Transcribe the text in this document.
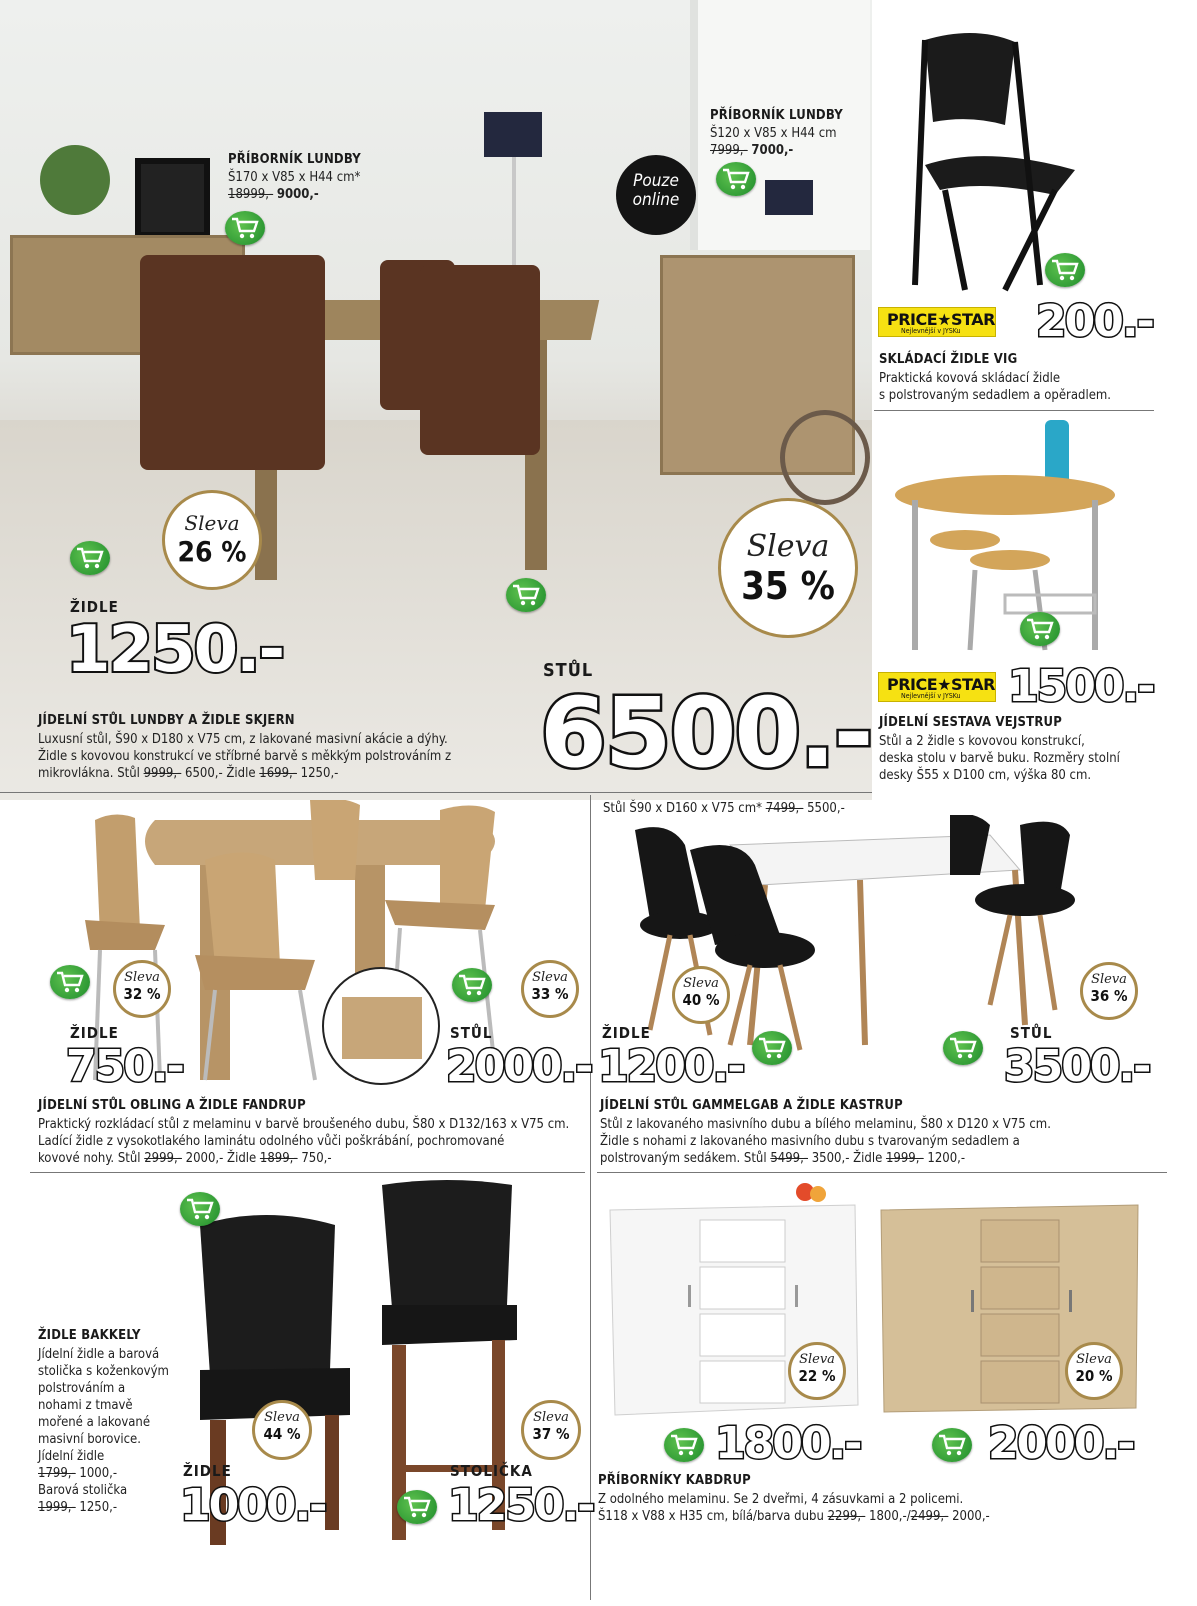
PŘÍBORNÍK LUNDBY
Š170 x V85 x H44 cm*
18999,- 9000,-
PŘÍBORNÍK LUNDBY
Š120 x V85 x H44 cm
7999,- 7000,-
Pouze
online
Sleva
26 %	Sleva
35 %
ŽIDLE
1250.-	STŮL
6500.-
JÍDELNÍ STŮL LUNDBY A ŽIDLE SKJERN
Luxusní stůl, Š90 x D180 x V75 cm, z lakované masivní akácie a dýhy.
Židle s kovovou konstrukcí ve stříbrné barvě s měkkým polstrováním z
mikrovlákna. Stůl 9999,- 6500,- Židle 1699,- 1250,-
PRICE★STAR
Nejlevnější v JYSKu 200.-
SKLÁDACÍ ŽIDLE VIG
Praktická kovová skládací židle
s polstrovaným sedadlem a opěradlem.
PRICE★STAR
Nejlevnější v JYSKu 1500.-
JÍDELNÍ SESTAVA VEJSTRUP
Stůl a 2 židle s kovovou konstrukcí,
deska stolu v barvě buku. Rozměry stolní
desky Š55 x D100 cm, výška 80 cm.
Sleva
32 %
Sleva
33 %
ŽIDLE
750.-
STŮL
2000.-
JÍDELNÍ STŮL OBLING A ŽIDLE FANDRUP
Praktický rozkládací stůl z melaminu v barvě broušeného dubu, Š80 x D132/163 x V75 cm.
Ladící židle z vysokotlakého laminátu odolného vůči poškrábání, pochromované
kovové nohy. Stůl 2999,- 2000,- Židle 1899,- 750,-
Stůl Š90 x D160 x V75 cm* 7499,- 5500,-
Sleva
40 %
Sleva
36 %
ŽIDLE
1200.-
STŮL
3500.-
JÍDELNÍ STŮL GAMMELGAB A ŽIDLE KASTRUP
Stůl z lakovaného masivního dubu a bílého melaminu, Š80 x D120 x V75 cm.
Židle s nohami z lakovaného masivního dubu s tvarovaným sedadlem a
polstrovaným sedákem. Stůl 5499,- 3500,- Židle 1999,- 1200,-
Sleva
44 %
Sleva
37 %
ŽIDLE BAKKELY
Jídelní židle a barová
stolička s koženkovým
polstrováním a
nohami z tmavě
mořené a lakované
masivní borovice.
Jídelní židle
1799,- 1000,-
Barová stolička
1999,- 1250,-
ŽIDLE
1000.-
STOLIČKA
1250.-
Sleva
22 %
Sleva
20 %
1800.-	2000.-
PŘÍBORNÍKY KABDRUP
Z odolného melaminu. Se 2 dveřmi, 4 zásuvkami a 2 policemi.
Š118 x V88 x H35 cm, bílá/barva dubu 2299,- 1800,-/2499,- 2000,-
